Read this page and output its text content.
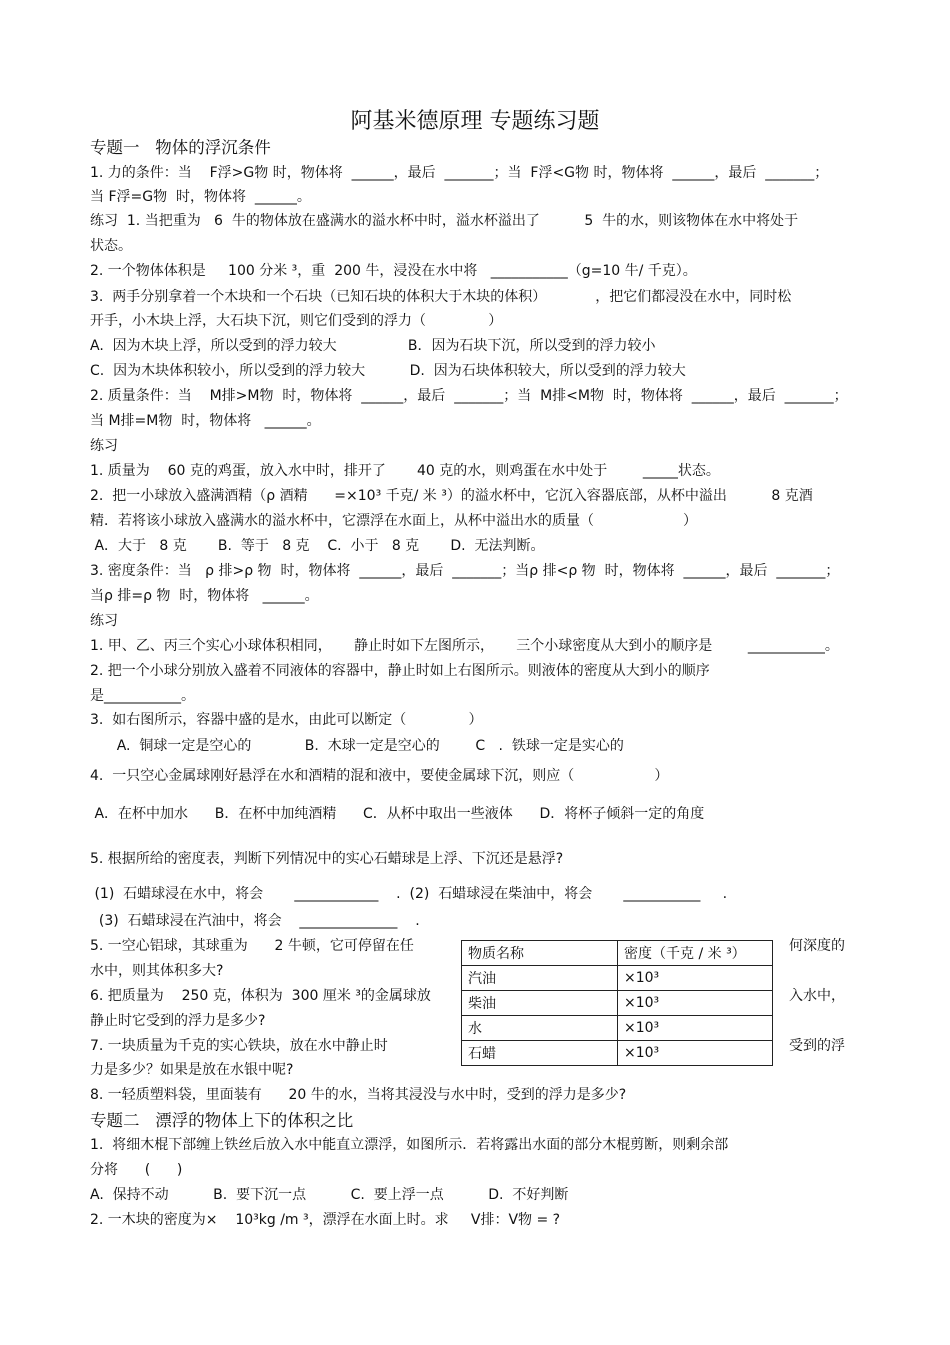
阿基米德原理 专题练习题
专题一   物体的浮沉条件
1. 力的条件：当    F浮>G物 时，物体将  ______，最后  _______；当  F浮<G物 时，物体将  ______，最后  _______；
当 F浮=G物  时，物体将  ______。
练习  1. 当把重为   6  牛的物体放在盛满水的溢水杯中时，溢水杯溢出了          5  牛的水，则该物体在水中将处于
状态。
2. 一个物体体积是     100 分米 ³，重  200 牛，浸没在水中将   ___________（g=10 牛/ 千克）。
3.  两手分别拿着一个木块和一个石块（已知石块的体积大于木块的体积）           ，把它们都浸没在水中，同时松
开手，小木块上浮，大石块下沉，则它们受到的浮力（              ）
A.  因为木块上浮，所以受到的浮力较大                B．因为石块下沉，所以受到的浮力较小
C.  因为木块体积较小，所以受到的浮力较大          D.  因为石块体积较大，所以受到的浮力较大
2. 质量条件：当    M排>M物  时，物体将  ______，最后  _______；当  M排<M物  时，物体将  ______，最后  _______；
当 M排=M物  时，物体将   ______。
练习
1. 质量为    60 克的鸡蛋，放入水中时，排开了       40 克的水，则鸡蛋在水中处于        _____状态。
2.  把一小球放入盛满酒精（ρ 酒精      =×10³ 千克/ 米 ³）的溢水杯中，它沉入容器底部，从杯中溢出          8 克酒
精．若将该小球放入盛满水的溢水杯中，它漂浮在水面上，从杯中溢出水的质量（                    ）
A．大于   8 克       B.  等于   8 克    C.  小于   8 克       D.  无法判断。
3. 密度条件：当   ρ 排>ρ 物  时，物体将  ______，最后  _______；当ρ 排<ρ 物  时，物体将  ______，最后  _______；
当ρ 排=ρ 物  时，物体将   ______。
练习
1. 甲、乙、丙三个实心小球体积相同，     静止时如下左图所示，     三个小球密度从大到小的顺序是        ___________。
2. 把一个小球分别放入盛着不同液体的容器中，静止时如上右图所示。则液体的密度从大到小的顺序
是___________。
3.  如右图所示，容器中盛的是水，由此可以断定（              ）
A.  铜球一定是空心的            B.  木球一定是空心的        C   .  铁球一定是实心的
4.  一只空心金属球刚好悬浮在水和酒精的混和液中，要使金属球下沉，则应（                  ）
A．在杯中加水      B．在杯中加纯酒精      C．从杯中取出一些液体      D．将杯子倾斜一定的角度
5. 根据所给的密度表，判断下列情况中的实心石蜡球是上浮、下沉还是悬浮?
(1)  石蜡球浸在水中，将会       ____________    .  (2)  石蜡球浸在柴油中，将会       ___________     .
(3)  石蜡球浸在汽油中，将会    ______________    .
5. 一空心铝球，其球重为      2 牛顿，它可停留在任
水中，则其体积多大?
6. 把质量为    250 克，体积为  300 厘米 ³的金属球放
静止时它受到的浮力是多少?
7. 一块质量为千克的实心铁块，放在水中静止时
力是多少？如果是放在水银中呢?
8. 一轻质塑料袋，里面装有      20 牛的水，当将其浸没与水中时，受到的浮力是多少?
专题二   漂浮的物体上下的体积之比
1.  将细木棍下部缠上铁丝后放入水中能直立漂浮，如图所示．若将露出水面的部分木棍剪断，则剩余部
分将      (      )
A.  保持不动          B.  要下沉一点          C.  要上浮一点          D.  不好判断
2. 一木块的密度为×    10³kg /m ³，漂浮在水面上时。求     V排：V物 = ?
何深度的
入水中，
受到的浮
物质名称	密度（千克 / 米 ³）
汽油	×10³
柴油	×10³
水	×10³
石蜡	×10³
